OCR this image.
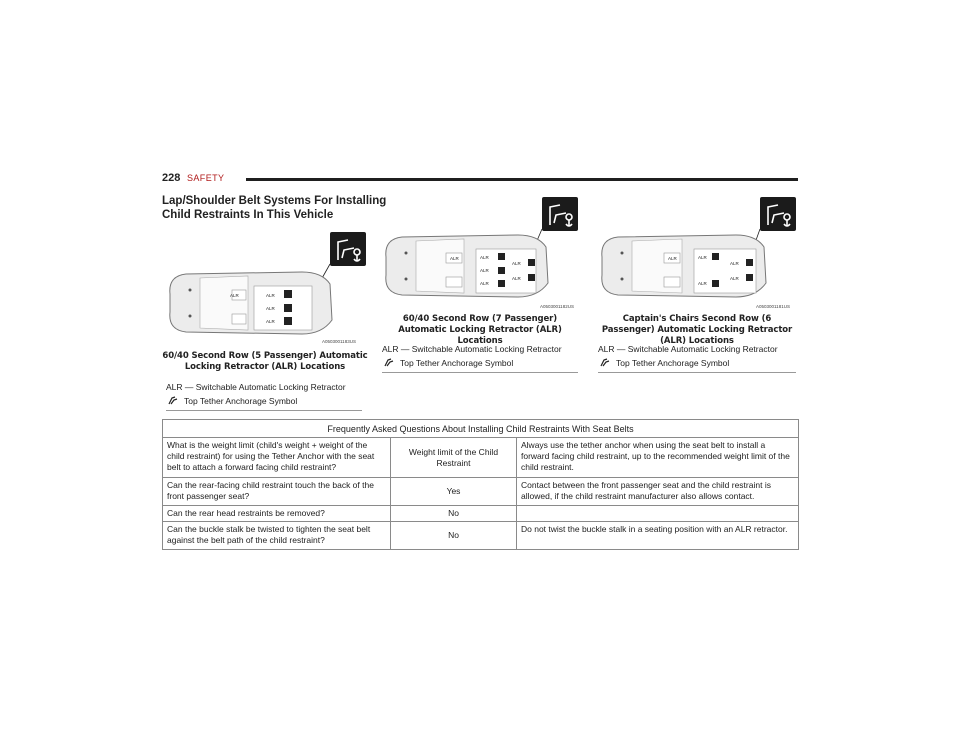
228 SAFETY
Lap/Shoulder Belt Systems For Installing Child Restraints In This Vehicle
ALR	ALR
ALR
ALR
A0503001183US
60/40 Second Row (5 Passenger) Automatic Locking Retractor (ALR) Locations
ALR — Switchable Automatic Locking Retractor
Top Tether Anchorage Symbol
ALR	ALR
ALR
ALR
ALR
ALR
A0503001182US
60/40 Second Row (7 Passenger) Automatic Locking Retractor (ALR) Locations
ALR — Switchable Automatic Locking Retractor
Top Tether Anchorage Symbol
ALR	ALR
ALR
ALR
ALR
A0503001181US
Captain's Chairs Second Row (6 Passenger) Automatic Locking Retractor (ALR) Locations
ALR — Switchable Automatic Locking Retractor
Top Tether Anchorage Symbol
Frequently Asked Questions About Installing Child Restraints With Seat Belts		
What is the weight limit (child's weight + weight of the child restraint) for using the Tether Anchor with the seat belt to attach a forward facing child restraint?	Weight limit of the Child Restraint	Always use the tether anchor when using the seat belt to install a forward facing child restraint, up to the recommended weight limit of the child restraint.
Can the rear-facing child restraint touch the back of the front passenger seat?	Yes	Contact between the front passenger seat and the child restraint is allowed, if the child restraint manufacturer also allows contact.
Can the rear head restraints be removed?	No	
Can the buckle stalk be twisted to tighten the seat belt against the belt path of the child restraint?	No	Do not twist the buckle stalk in a seating position with an ALR retractor.
